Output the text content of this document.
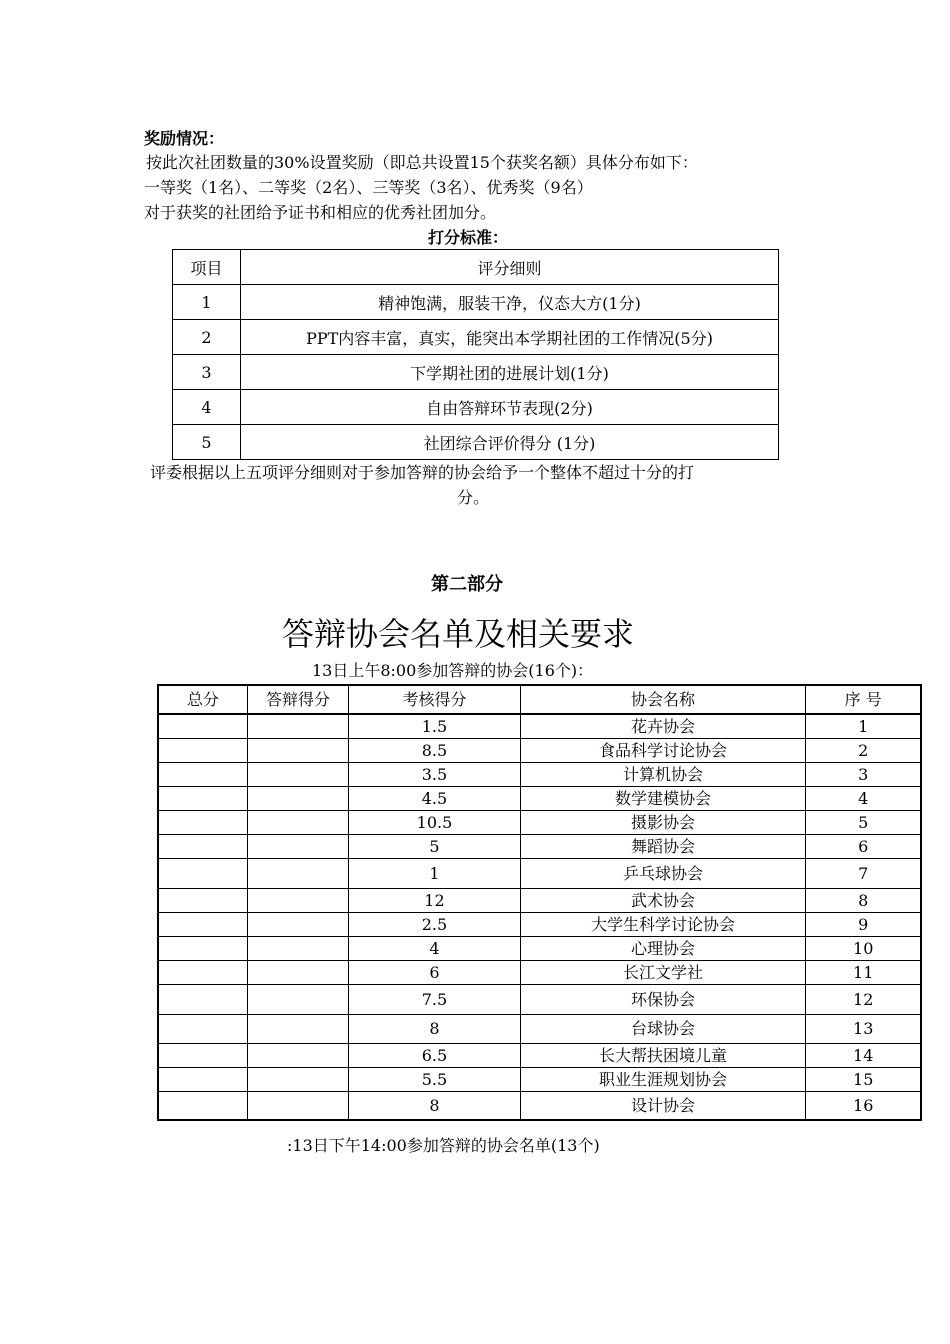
奖励情况：
按此次社团数量的30%设置奖励（即总共设置15个获奖名额）具体分布如下：
一等奖（1名）、二等奖（2名）、三等奖（3名）、优秀奖（9名）
对于获奖的社团给予证书和相应的优秀社团加分。
打分标准：
项目	评分细则
1	精神饱满，服装干净，仪态大方(1分)
2	PPT内容丰富，真实，能突出本学期社团的工作情况(5分)
3	下学期社团的进展计划(1分)
4	自由答辩环节表现(2分)
5	社团综合评价得分 (1分)
评委根据以上五项评分细则对于参加答辩的协会给予一个整体不超过十分的打
分。
第二部分
答辩协会名单及相关要求
13日上午8:00参加答辩的协会(16个)：
总分	答辩得分	考核得分	协会名称	序 号
		1.5	花卉协会	1
		8.5	食品科学讨论协会	2
		3.5	计算机协会	3
		4.5	数学建模协会	4
		10.5	摄影协会	5
		5	舞蹈协会	6
		1	乒乓球协会	7
		12	武术协会	8
		2.5	大学生科学讨论协会	9
		4	心理协会	10
		6	长江文学社	11
		7.5	环保协会	12
		8	台球协会	13
		6.5	长大帮扶困境儿童	14
		5.5	职业生涯规划协会	15
		8	设计协会	16
:13日下午14:00参加答辩的协会名单(13个)
